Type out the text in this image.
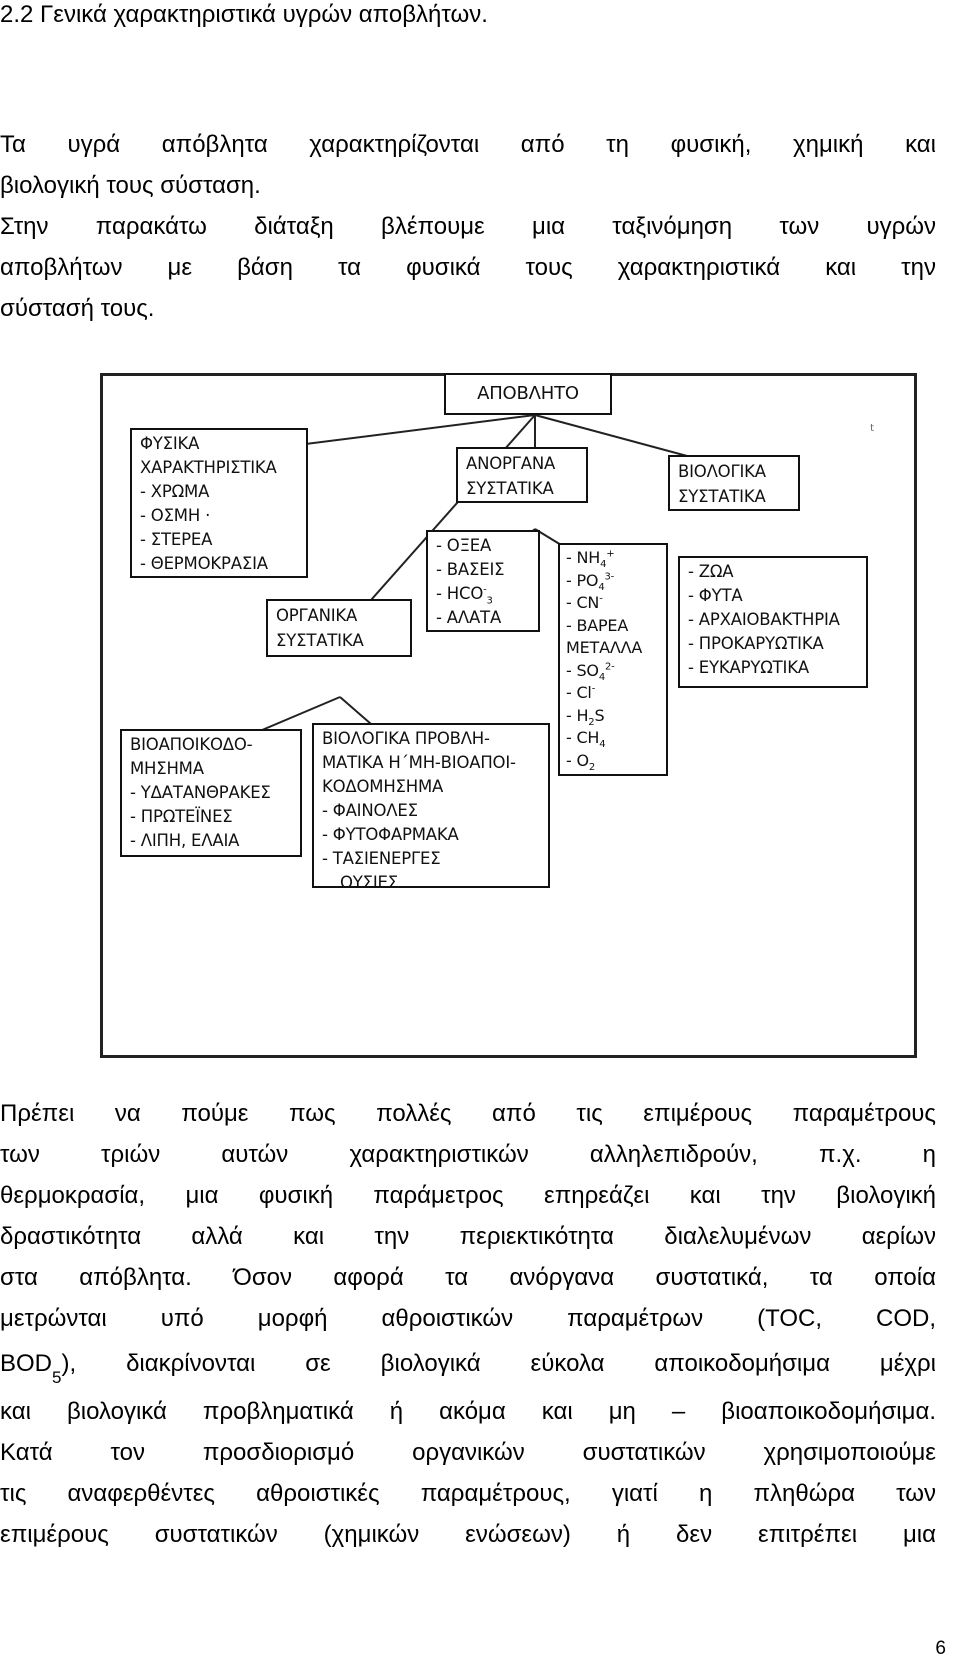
2.2 Γενικά χαρακτηριστικά υγρών αποβλήτων.

Τα υγρά απόβλητα χαρακτηρίζονται από τη φυσική, χημική και
βιολογική τους σύσταση.
Στην παρακάτω διάταξη βλέπουμε μια ταξινόμηση των υγρών
αποβλήτων με βάση τα φυσικά τους χαρακτηριστικά και την
σύστασή τους.

t
ΑΠΟΒΛΗΤΟ
ΦΥΣΙΚΑ
ΧΑΡΑΚΤΗΡΙΣΤΙΚΑ
- ΧΡΩΜΑ
- ΟΣΜΗ ·
- ΣΤΕΡΕΑ
- ΘΕΡΜΟΚΡΑΣΙΑ
ΑΝΟΡΓΑΝΑ
ΣΥΣΤΑΤΙΚΑ
ΒΙΟΛΟΓΙΚΑ
ΣΥΣΤΑΤΙΚΑ
- ΖΩΑ
- ΦΥΤΑ
- ΑΡΧΑΙΟΒΑΚΤΗΡΙΑ
- ΠΡΟΚΑΡΥΩΤΙΚΑ
- ΕΥΚΑΡΥΩΤΙΚΑ
- ΟΞΕΑ
- ΒΑΣΕΙΣ
- $HCO^-_3$
- ΑΛΑΤΑ
- $NH_4^+$
- $PO_4^{3-}$
- CN-
- ΒΑΡΕΑ
ΜΕΤΑΛΛΑ
- $SO_4^{2-}$
- Cl-
- $H_2S$
- $CH_4$
- $O_2$
ΟΡΓΑΝΙΚΑ
ΣΥΣΤΑΤΙΚΑ
ΒΙΟΑΠΟΙΚΟΔΟ-
ΜΗΣΗΜΑ
- ΥΔΑΤΑΝΘΡΑΚΕΣ
- ΠΡΩΤΕΪΝΕΣ
- ΛΙΠΗ, ΕΛΑΙΑ
ΒΙΟΛΟΓΙΚΑ ΠΡΟΒΛΗ-
ΜΑΤΙΚΑ Η΄ΜΗ-ΒΙΟΑΠΟΙ-
ΚΟΔΟΜΗΣΗΜΑ
- ΦΑΙΝΟΛΕΣ
- ΦΥΤΟΦΑΡΜΑΚΑ
- ΤΑΣΙΕΝΕΡΓΕΣ
ΟΥΣΙΕΣ

Πρέπει να πούμε πως πολλές από τις επιμέρους παραμέτρους
των τριών αυτών χαρακτηριστικών αλληλεπιδρούν, π.χ. η
θερμοκρασία, μια φυσική παράμετρος επηρεάζει και την βιολογική
δραστικότητα αλλά και την περιεκτικότητα διαλελυμένων αερίων
στα απόβλητα. Όσον αφορά τα ανόργανα συστατικά, τα οποία
μετρώνται υπό μορφή αθροιστικών παραμέτρων (TOC, COD,
$BOD_5$), διακρίνονται σε βιολογικά εύκολα αποικοδομήσιμα μέχρι
και βιολογικά προβληματικά ή ακόμα και μη – βιοαποικοδομήσιμα.
Κατά τον προσδιορισμό οργανικών συστατικών χρησιμοποιούμε
τις αναφερθέντες αθροιστικές παραμέτρους, γιατί η πληθώρα των
επιμέρους συστατικών (χημικών ενώσεων) ή δεν επιτρέπει μια

6
